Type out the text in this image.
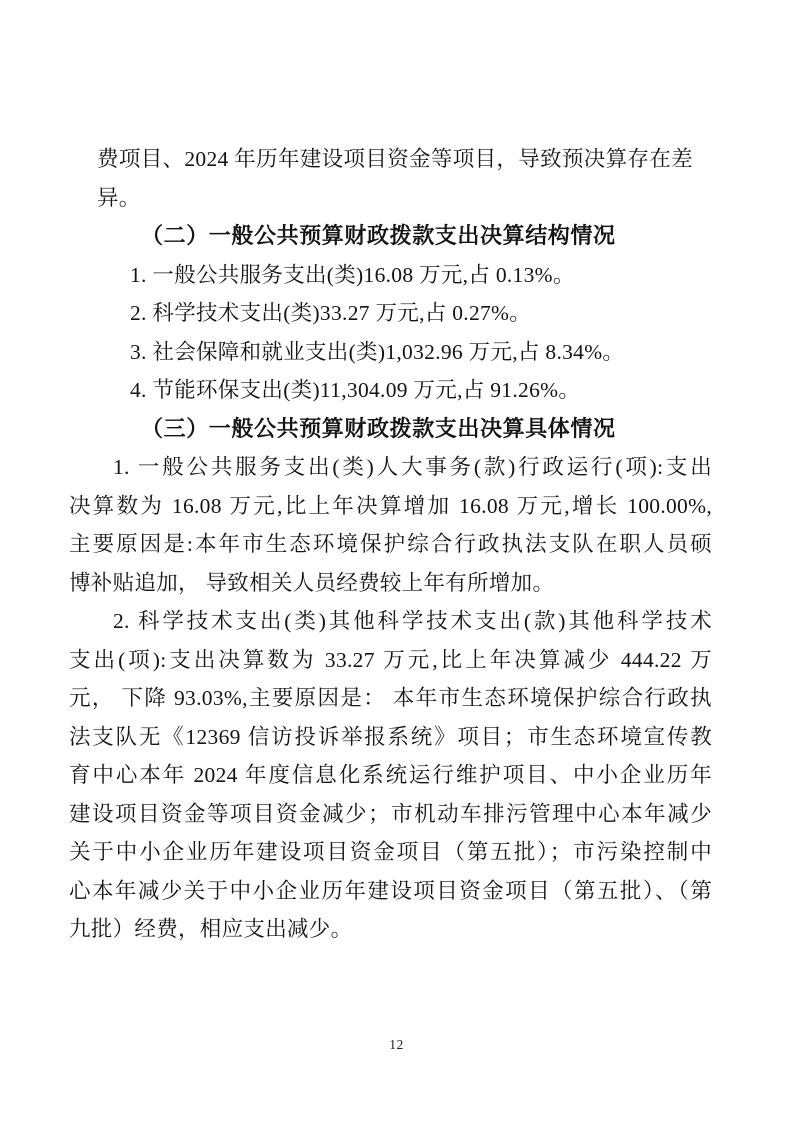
费项目、2024 年历年建设项目资金等项目，导致预决算存在差
异。
（二）一般公共预算财政拨款支出决算结构情况
1. 一般公共服务支出(类)16.08 万元,占 0.13%。
2. 科学技术支出(类)33.27 万元,占 0.27%。
3. 社会保障和就业支出(类)1,032.96 万元,占 8.34%。
4. 节能环保支出(类)11,304.09 万元,占 91.26%。
（三）一般公共预算财政拨款支出决算具体情况
1. 一般公共服务支出(类)人大事务(款)行政运行(项):支出
决算数为 16.08 万元,比上年决算增加 16.08 万元,增长 100.00%,
主要原因是:本年市生态环境保护综合行政执法支队在职人员硕
博补贴追加， 导致相关人员经费较上年有所增加。
2. 科学技术支出(类)其他科学技术支出(款)其他科学技术
支出(项):支出决算数为 33.27 万元,比上年决算减少 444.22 万
元， 下降 93.03%,主要原因是： 本年市生态环境保护综合行政执
法支队无《12369 信访投诉举报系统》项目；市生态环境宣传教
育中心本年 2024 年度信息化系统运行维护项目、中小企业历年
建设项目资金等项目资金减少；市机动车排污管理中心本年减少
关于中小企业历年建设项目资金项目（第五批）；市污染控制中
心本年减少关于中小企业历年建设项目资金项目（第五批）、（第
九批）经费，相应支出减少。
12
